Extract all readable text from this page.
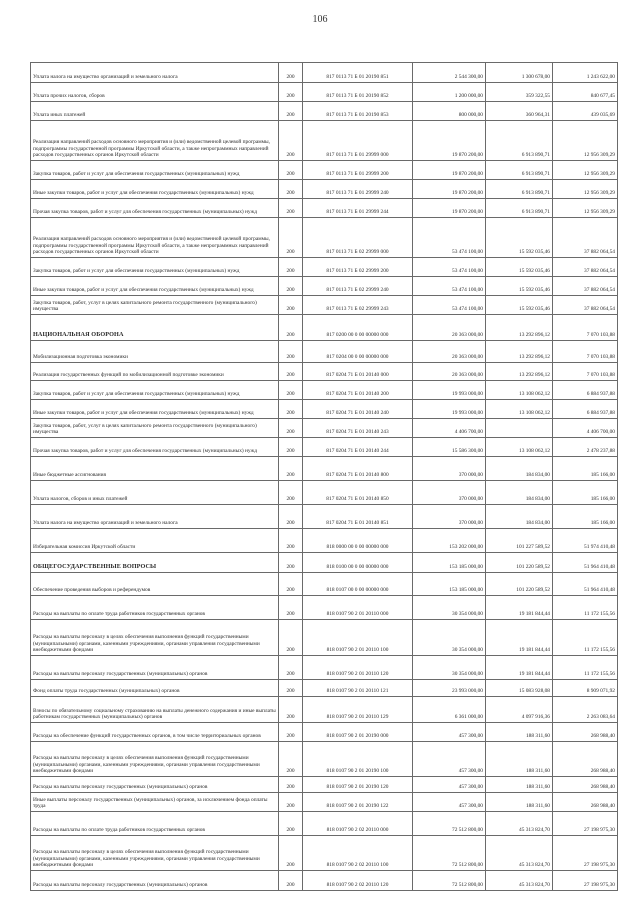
106
Уплата налога на имущество организаций и земельного налога	200	817 0113 71 Б 01 20190 851	2 544 300,00	1 300 678,00	1 243 622,00
Уплата прочих налогов, сборов	200	817 0113 71 Б 01 20190 852	1 200 000,00	359 322,55	840 677,45
Уплата иных платежей	200	817 0113 71 Б 01 20190 853	800 000,00	360 964,31	439 035,69
Реализация направлений расходов основного мероприятия и (или) ведомственной целевой программы, подпрограммы государственной программы Иркутской области, а также непрограммных направлений расходов государственных органов Иркутской области	200	817 0113 71 Б 01 29999 000	19 870 200,00	6 913 890,71	12 956 309,29
Закупка товаров, работ и услуг для обеспечения государственных (муниципальных) нужд	200	817 0113 71 Б 01 29999 200	19 870 200,00	6 913 890,71	12 956 309,29
Иные закупки товаров, работ и услуг для обеспечения государственных (муниципальных) нужд	200	817 0113 71 Б 01 29999 240	19 870 200,00	6 913 890,71	12 956 309,29
Прочая закупка товаров, работ и услуг для обеспечения государственных (муниципальных) нужд	200	817 0113 71 Б 01 29999 244	19 870 200,00	6 913 890,71	12 956 309,29
Реализация направлений расходов основного мероприятия и (или) ведомственной целевой программы, подпрограммы государственной программы Иркутской области, а также непрограммных направлений расходов государственных органов Иркутской области	200	817 0113 71 Б 02 29999 000	53 474 100,00	15 592 035,46	37 882 064,54
Закупка товаров, работ и услуг для обеспечения государственных (муниципальных) нужд	200	817 0113 71 Б 02 29999 200	53 474 100,00	15 592 035,46	37 882 064,54
Иные закупки товаров, работ и услуг для обеспечения государственных (муниципальных) нужд	200	817 0113 71 Б 02 29999 240	53 474 100,00	15 592 035,46	37 882 064,54
Закупка товаров, работ, услуг в целях капитального ремонта государственного (муниципального) имущества	200	817 0113 71 Б 02 29999 243	53 474 100,00	15 592 035,46	37 882 064,54
НАЦИОНАЛЬНАЯ ОБОРОНА	200	817 0200 00 0 00 00000 000	20 363 000,00	13 292 896,12	7 070 103,88
Мобилизационная подготовка экономики	200	817 0204 00 0 00 00000 000	20 363 000,00	13 292 896,12	7 070 103,88
Реализация государственных функций по мобилизационной подготовке экономики	200	817 0204 71 Б 01 20140 000	20 363 000,00	13 292 896,12	7 070 103,88
Закупка товаров, работ и услуг для обеспечения государственных (муниципальных) нужд	200	817 0204 71 Б 01 20140 200	19 993 000,00	13 108 062,12	6 884 937,88
Иные закупки товаров, работ и услуг для обеспечения государственных (муниципальных) нужд	200	817 0204 71 Б 01 20140 240	19 993 000,00	13 108 062,12	6 884 937,88
Закупка товаров, работ, услуг в целях капитального ремонта государственного (муниципального) имущества	200	817 0204 71 Б 01 20140 243	4 406 700,00		4 406 700,00
Прочая закупка товаров, работ и услуг для обеспечения государственных (муниципальных) нужд	200	817 0204 71 Б 01 20140 244	15 586 300,00	13 108 062,12	2 478 237,88
Иные бюджетные ассигнования	200	817 0204 71 Б 01 20140 800	370 000,00	184 834,00	185 166,00
Уплата налогов, сборов и иных платежей	200	817 0204 71 Б 01 20140 850	370 000,00	184 834,00	185 166,00
Уплата налога на имущество организаций и земельного налога	200	817 0204 71 Б 01 20140 851	370 000,00	184 834,00	185 166,00
Избирательная комиссия Иркутской области	200	818 0000 00 0 00 00000 000	153 202 000,00	101 227 589,52	51 974 410,48
ОБЩЕГОСУДАРСТВЕННЫЕ ВОПРОСЫ	200	818 0100 00 0 00 00000 000	153 185 000,00	101 220 589,52	51 964 410,48
Обеспечение проведения выборов и референдумов	200	818 0107 00 0 00 00000 000	153 185 000,00	101 220 589,52	51 964 410,48
Расходы на выплаты по оплате труда работников государственных органов	200	818 0107 90 2 01 20110 000	30 354 000,00	19 181 844,44	11 172 155,56
Расходы на выплаты персоналу в целях обеспечения выполнения функций государственными (муниципальными) органами, казенными учреждениями, органами управления государственными внебюджетными фондами	200	818 0107 90 2 01 20110 100	30 354 000,00	19 181 844,44	11 172 155,56
Расходы на выплаты персоналу государственных (муниципальных) органов	200	818 0107 90 2 01 20110 120	30 354 000,00	19 181 844,44	11 172 155,56
Фонд оплаты труда государственных (муниципальных) органов	200	818 0107 90 2 01 20110 121	23 993 000,00	15 083 928,08	8 909 071,92
Взносы по обязательному социальному страхованию на выплаты денежного содержания и иные выплаты работникам государственных (муниципальных) органов	200	818 0107 90 2 01 20110 129	6 361 000,00	4 097 916,36	2 263 083,64
Расходы на обеспечение функций государственных органов, в том числе территориальных органов	200	818 0107 90 2 01 20190 000	457 300,00	188 311,60	268 988,40
Расходы на выплаты персоналу в целях обеспечения выполнения функций государственными (муниципальными) органами, казенными учреждениями, органами управления государственными внебюджетными фондами	200	818 0107 90 2 01 20190 100	457 300,00	188 311,60	268 988,40
Расходы на выплаты персоналу государственных (муниципальных) органов	200	818 0107 90 2 01 20190 120	457 300,00	188 311,60	268 988,40
Иные выплаты персоналу государственных (муниципальных) органов, за исключением фонда оплаты труда	200	818 0107 90 2 01 20190 122	457 300,00	188 311,60	268 988,40
Расходы на выплаты по оплате труда работников государственных органов	200	818 0107 90 2 02 20110 000	72 512 800,00	45 313 824,70	27 198 975,30
Расходы на выплаты персоналу в целях обеспечения выполнения функций государственными (муниципальными) органами, казенными учреждениями, органами управления государственными внебюджетными фондами	200	818 0107 90 2 02 20110 100	72 512 800,00	45 313 824,70	27 198 975,30
Расходы на выплаты персоналу государственных (муниципальных) органов	200	818 0107 90 2 02 20110 120	72 512 800,00	45 313 824,70	27 198 975,30
